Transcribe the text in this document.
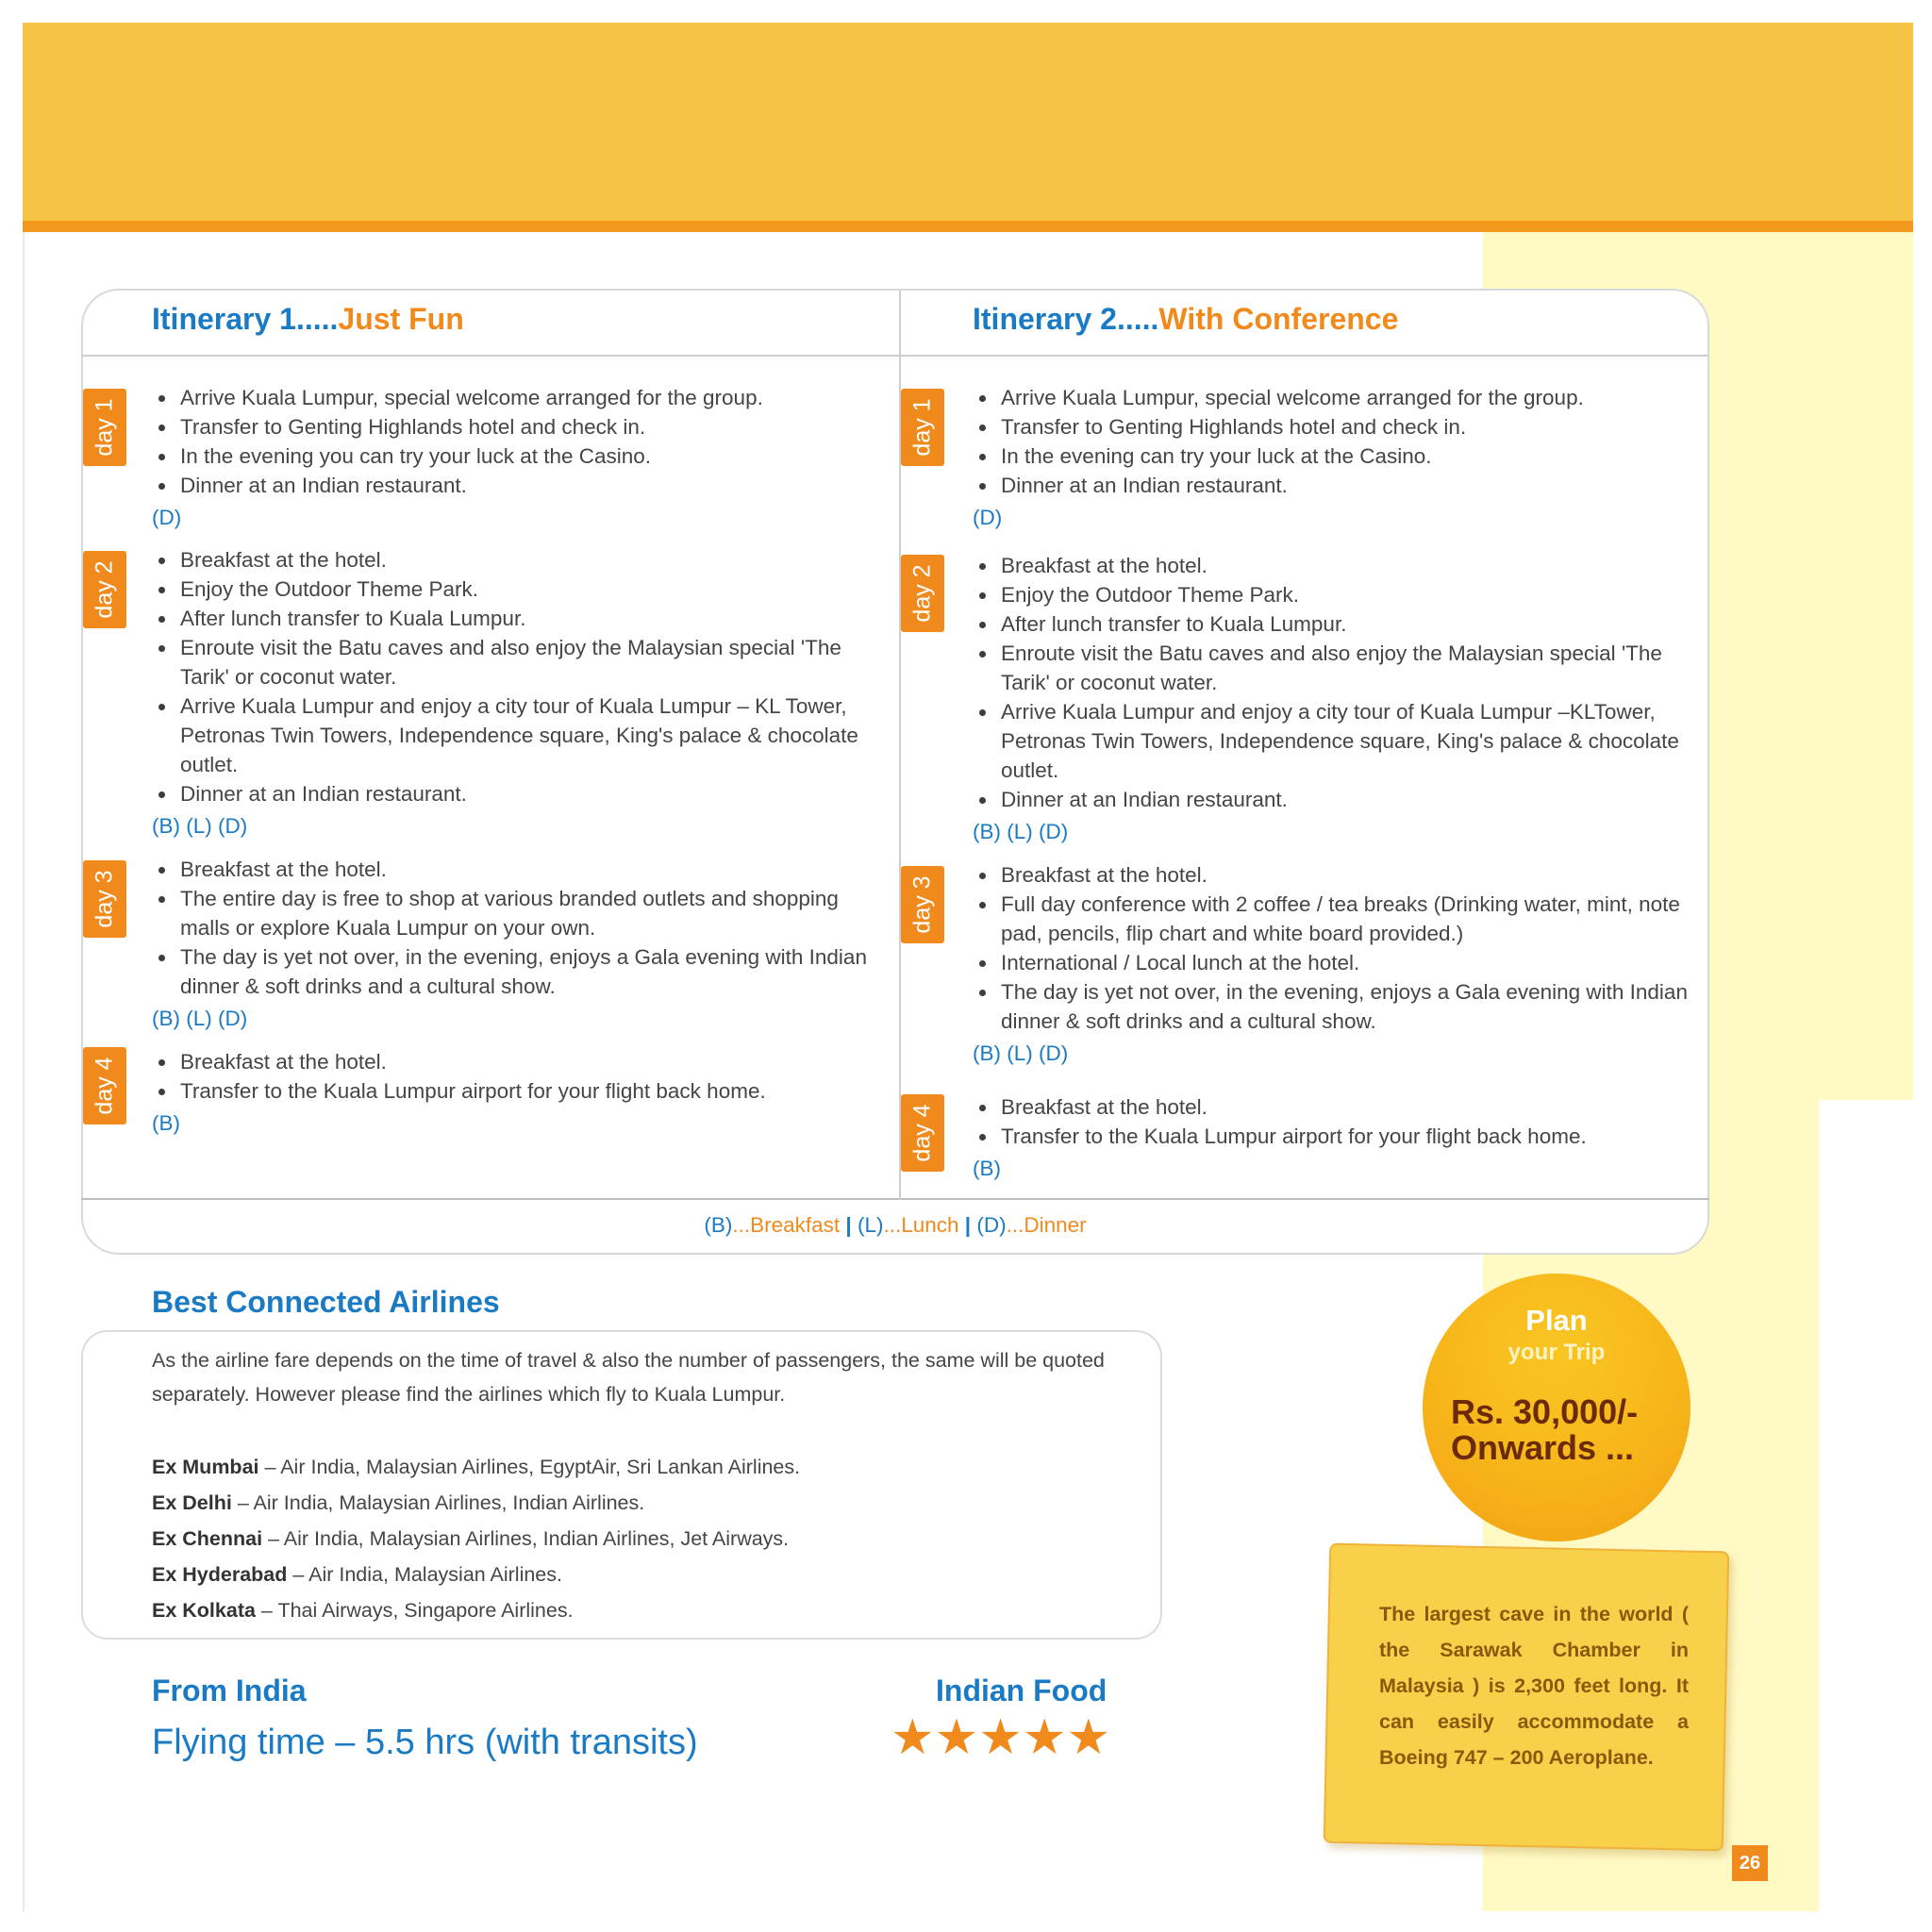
Itinerary 1.....Just Fun	Itinerary 2.....With Conference
day 1
day 2
day 3
day 4
day 1
day 2
day 3
day 4
Arrive Kuala Lumpur, special welcome arranged for the group.
Transfer to Genting Highlands hotel and check in.
In the evening you can try your luck at the Casino.
Dinner at an Indian restaurant.
(D)
Breakfast at the hotel.
Enjoy the Outdoor Theme Park.
After lunch transfer to Kuala Lumpur.
Enroute visit the Batu caves and also enjoy the Malaysian special 'The Tarik' or coconut water.
Arrive Kuala Lumpur and enjoy a city tour of Kuala Lumpur – KL Tower, Petronas Twin Towers, Independence square, King's palace & chocolate outlet.
Dinner at an Indian restaurant.
(B) (L) (D)
Breakfast at the hotel.
The entire day is free to shop at various branded outlets and shopping malls or explore Kuala Lumpur on your own.
The day is yet not over, in the evening, enjoys a Gala evening with Indian dinner & soft drinks and a cultural show.
(B) (L) (D)
Breakfast at the hotel.
Transfer to the Kuala Lumpur airport for your flight back home.
(B)
Arrive Kuala Lumpur, special welcome arranged for the group.
Transfer to Genting Highlands hotel and check in.
In the evening can try your luck at the Casino.
Dinner at an Indian restaurant.
(D)
Breakfast at the hotel.
Enjoy the Outdoor Theme Park.
After lunch transfer to Kuala Lumpur.
Enroute visit the Batu caves and also enjoy the Malaysian special 'The Tarik' or coconut water.
Arrive Kuala Lumpur and enjoy a city tour of Kuala Lumpur –KLTower, Petronas Twin Towers, Independence square, King's palace & chocolate outlet.
Dinner at an Indian restaurant.
(B) (L) (D)
Breakfast at the hotel.
Full day conference with 2 coffee / tea breaks (Drinking water, mint, note pad, pencils, flip chart and white board provided.)
International / Local lunch at the hotel.
The day is yet not over, in the evening, enjoys a Gala evening with Indian dinner & soft drinks and a cultural show.
(B) (L) (D)
Breakfast at the hotel.
Transfer to the Kuala Lumpur airport for your flight back home.
(B)
(B)...Breakfast | (L)...Lunch | (D)...Dinner
Best Connected Airlines
As the airline fare depends on the time of travel & also the number of passengers, the same will be quoted separately. However please find the airlines which fly to Kuala Lumpur.
Ex Mumbai – Air India, Malaysian Airlines, EgyptAir, Sri Lankan Airlines.
Ex Delhi – Air India, Malaysian Airlines, Indian Airlines.
Ex Chennai – Air India, Malaysian Airlines, Indian Airlines, Jet Airways.
Ex Hyderabad – Air India, Malaysian Airlines.
Ex Kolkata – Thai Airways, Singapore Airlines.
From India
Flying time – 5.5 hrs (with transits)
Indian Food
★★★★★
Plan
your Trip
Rs. 30,000/-
Onwards ...
The largest cave in the world ( the Sarawak Chamber in Malaysia ) is 2,300 feet long. It can easily accommodate a Boeing 747 – 200 Aeroplane.
26
